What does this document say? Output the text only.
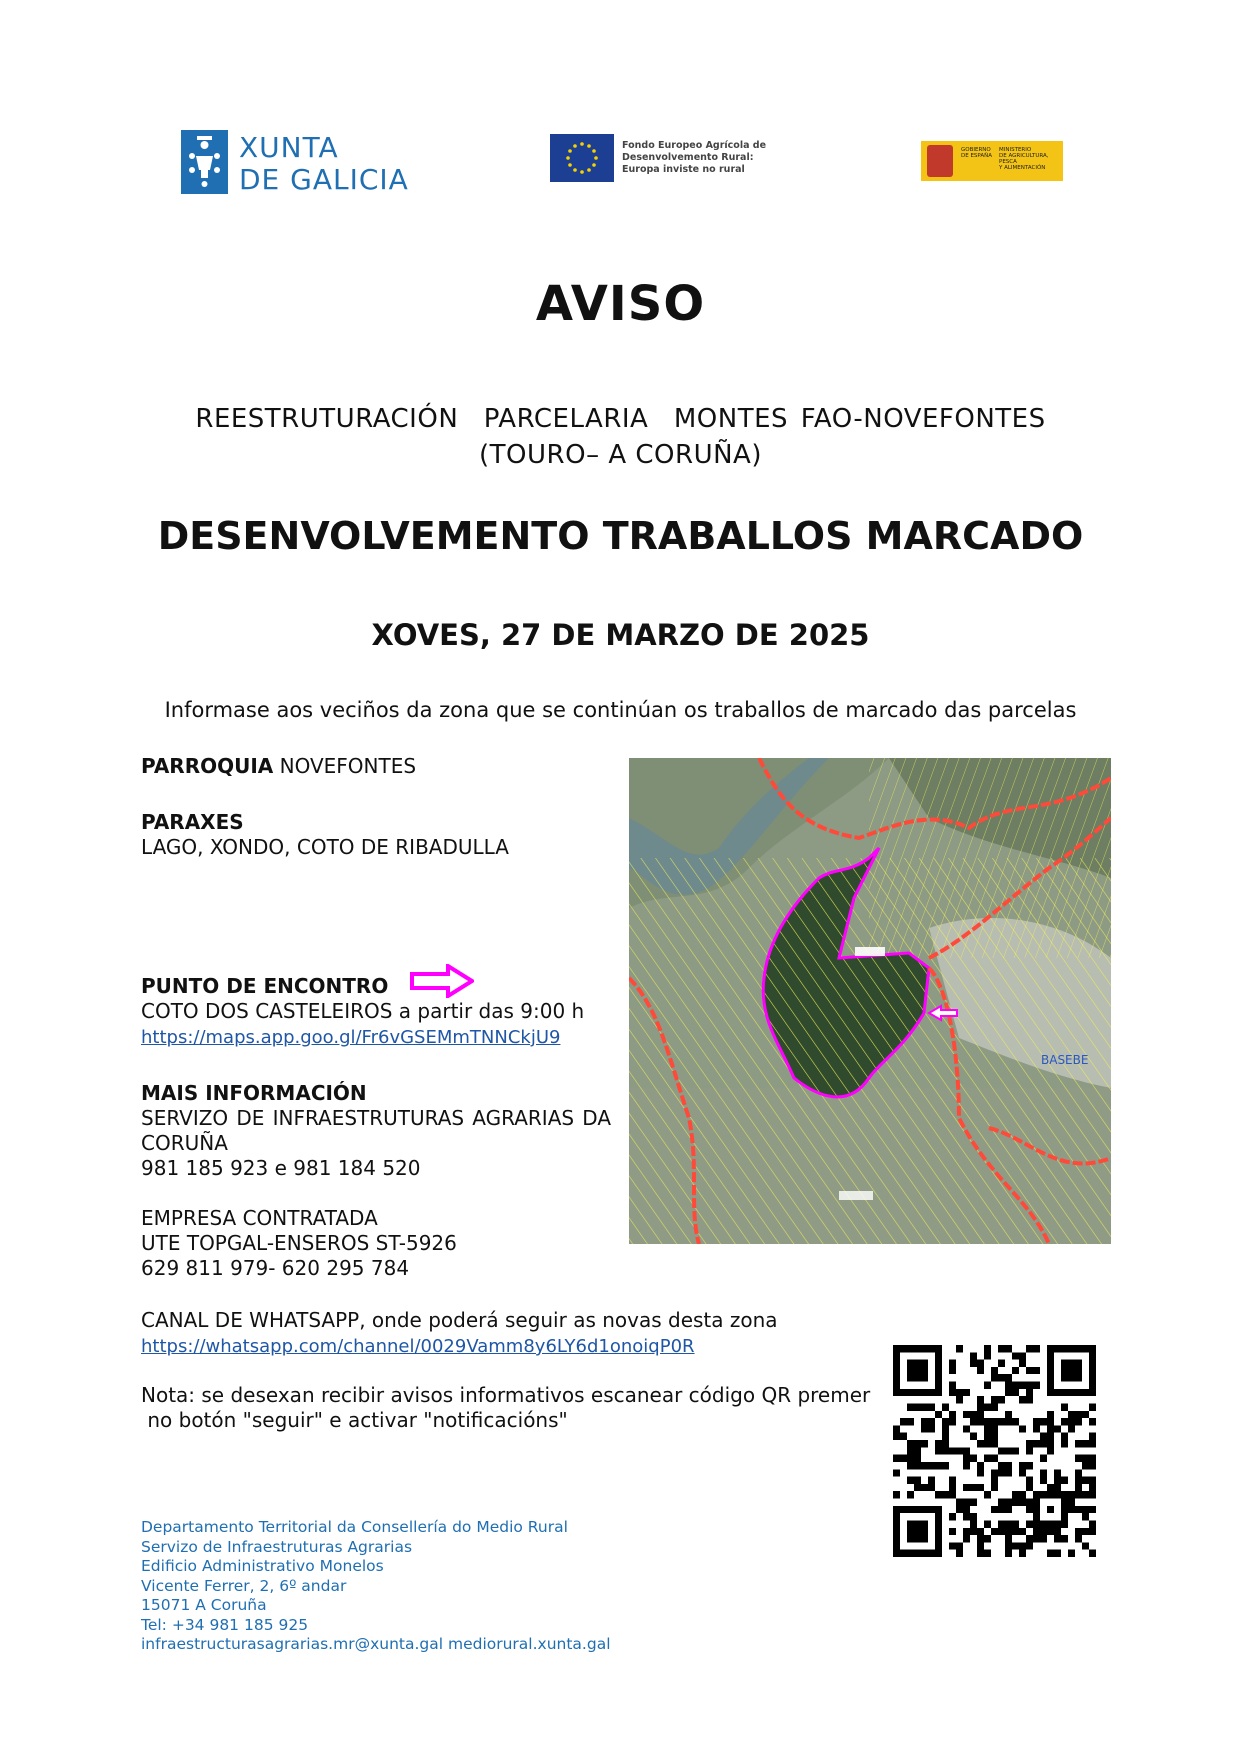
XUNTA
DE GALICIA
Fondo Europeo Agrícola de
Desenvolvemento Rural:
Europa inviste no rural
GOBIERNO
DE ESPAÑA
MINISTERIO
DE AGRICULTURA, PESCA
Y ALIMENTACIÓN
AVISO
REESTRUTURACIÓN  PARCELARIA  MONTES FAO-NOVEFONTES
(TOURO– A CORUÑA)
DESENVOLVEMENTO TRABALLOS MARCADO
XOVES, 27 DE MARZO DE 2025
Informase aos veciños da zona que se continúan os traballos de marcado das parcelas
PARROQUIA NOVEFONTES
PARAXES
LAGO, XONDO, COTO DE RIBADULLA
PUNTO DE ENCONTRO
COTO DOS CASTELEIROS a partir das 9:00 h
https://maps.app.goo.gl/Fr6vGSEMmTNNCkjU9
MAIS INFORMACIÓN
SERVIZO DE INFRAESTRUTURAS AGRARIAS DA CORUÑA
981 185 923 e 981 184 520
EMPRESA CONTRATADA
UTE TOPGAL-ENSEROS ST-5926
629 811 979- 620 295 784
CANAL DE WHATSAPP, onde poderá seguir as novas desta zona
https://whatsapp.com/channel/0029Vamm8y6LY6d1onoiqP0R
Nota: se desexan recibir avisos informativos escanear código QR premer
no botón "seguir" e activar "notificacións"
BASEBE
Departamento Territorial da Consellería do Medio Rural
Servizo de Infraestruturas Agrarias
Edificio Administrativo Monelos
Vicente Ferrer, 2, 6º andar
15071 A Coruña
Tel: +34 981 185 925
infraestructurasagrarias.mr@xunta.gal mediorural.xunta.gal
